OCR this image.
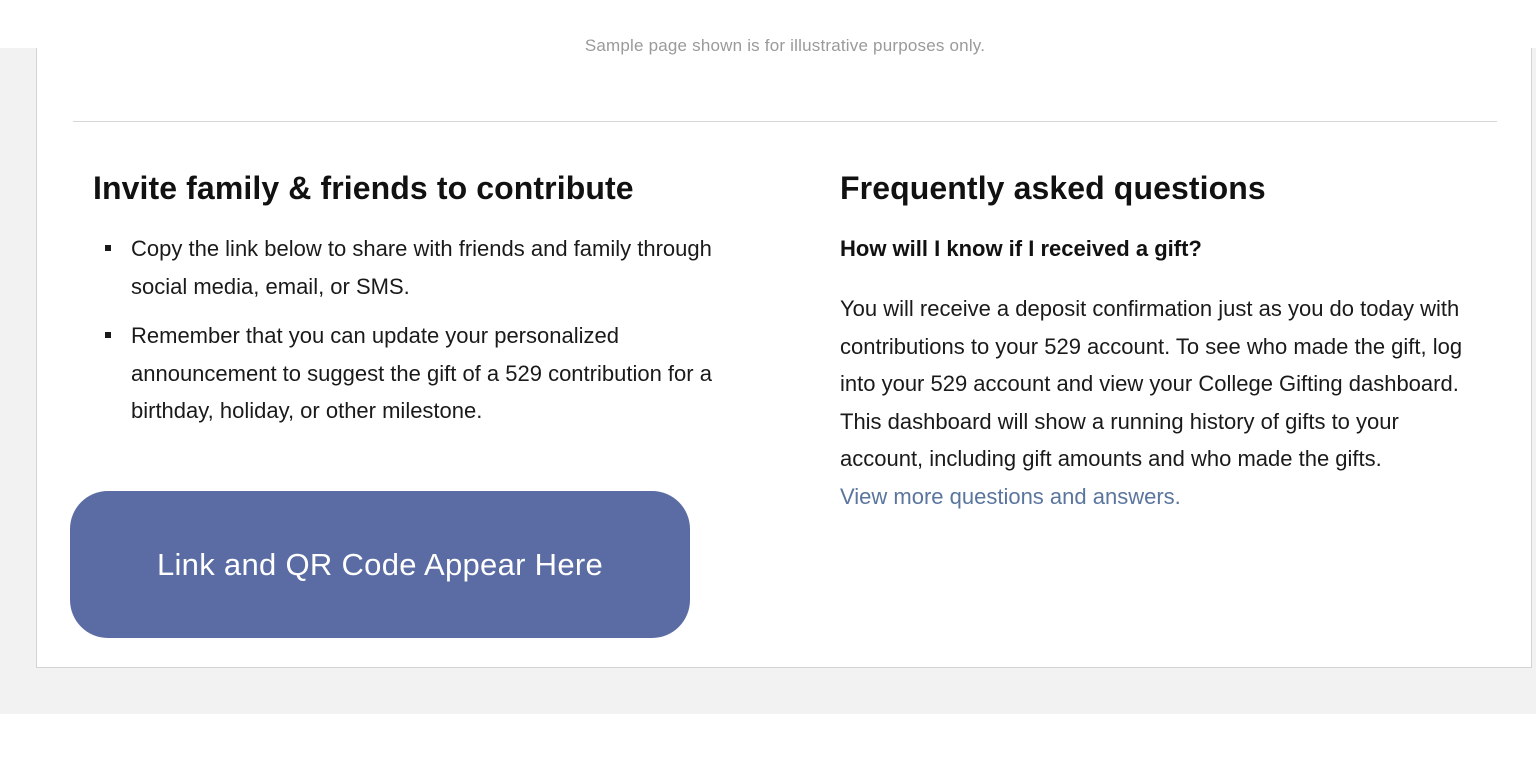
Sample page shown is for illustrative purposes only.
Invite family & friends to contribute
Copy the link below to share with friends and family through social media, email, or SMS.
Remember that you can update your personalized announcement to suggest the gift of a 529 contribution for a birthday, holiday, or other milestone.
Link and QR Code Appear Here
Frequently asked questions
How will I know if I received a gift?
You will receive a deposit confirmation just as you do today with contributions to your 529 account. To see who made the gift, log into your 529 account and view your College Gifting dashboard. This dashboard will show a running history of gifts to your account, including gift amounts and who made the gifts.
View more questions and answers.
